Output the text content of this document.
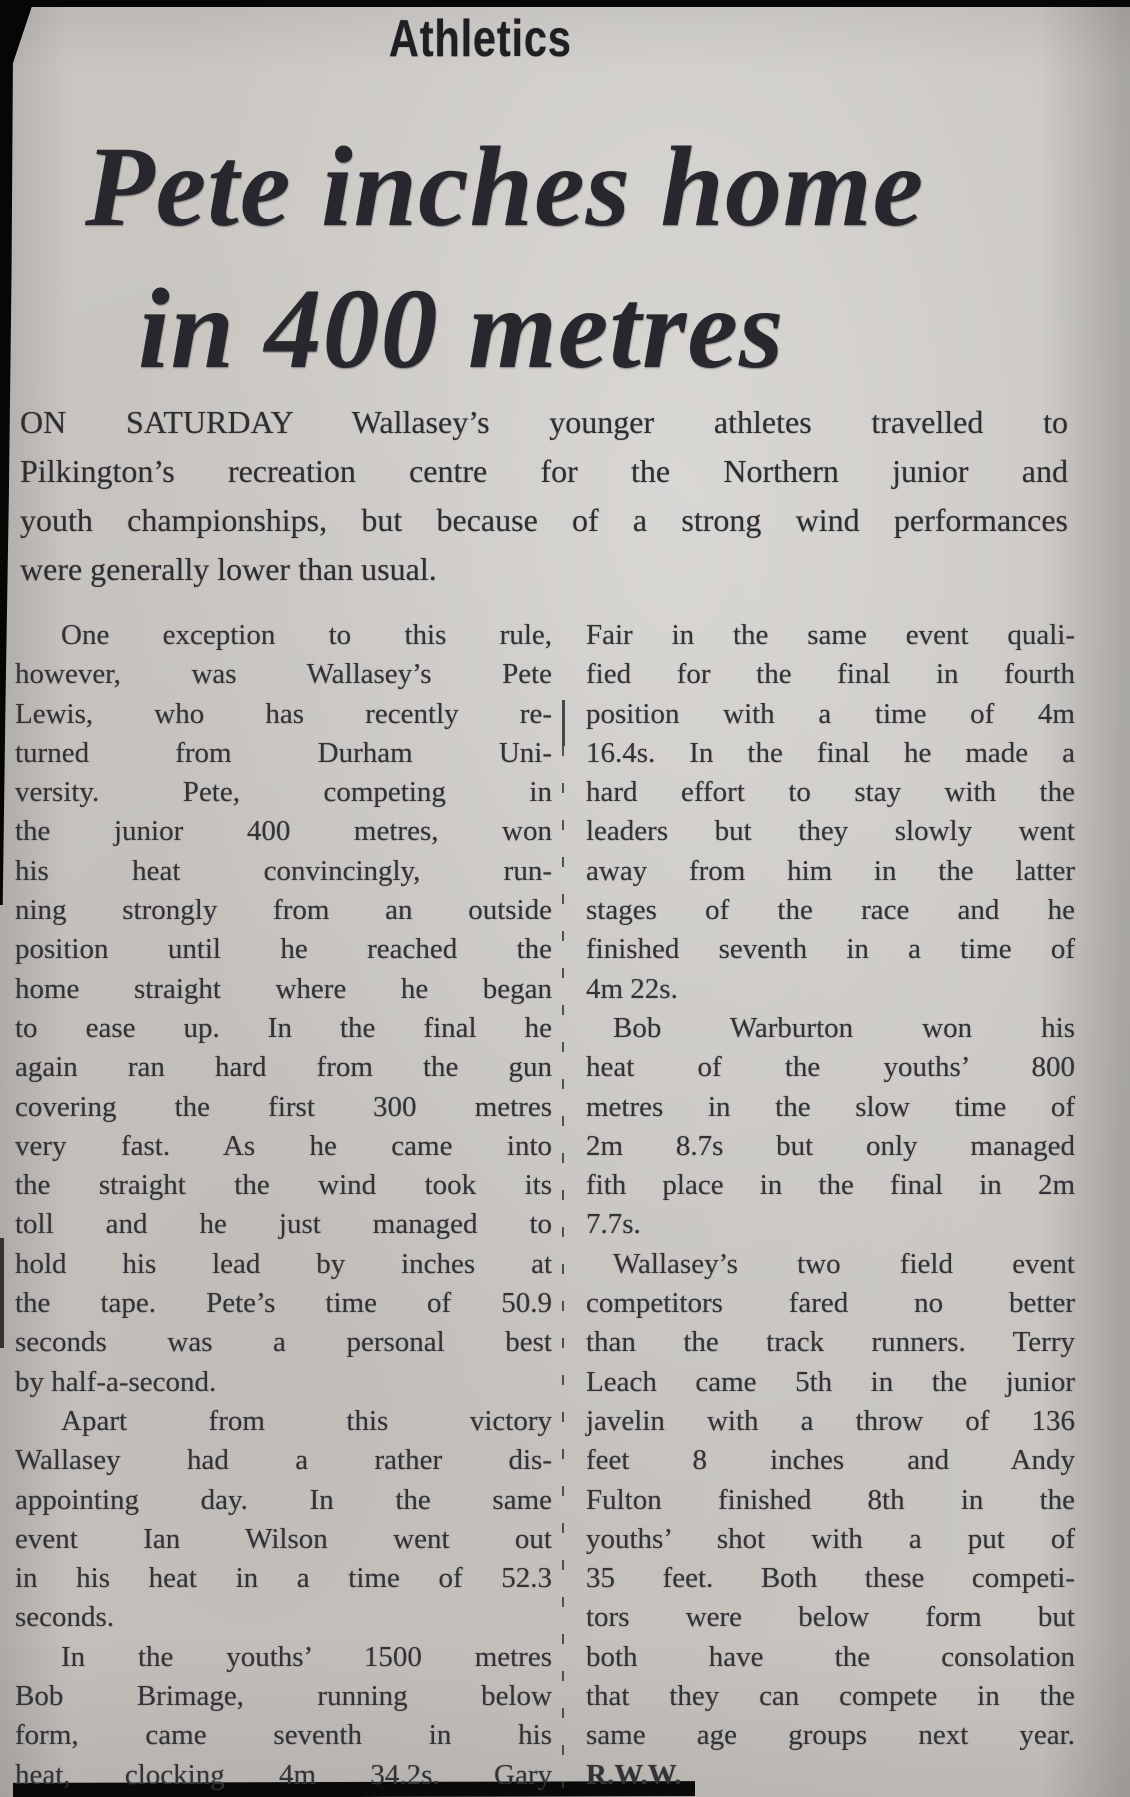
Athletics
Pete inches home
in 400 metres
ON SATURDAY Wallasey’s younger athletes travelled to
Pilkington’s recreation centre for the Northern junior and
youth championships, but because of a strong wind performances
were generally lower than usual.
One exception to this rule,
however, was Wallasey’s Pete
Lewis, who has recently re-
turned from Durham Uni-
versity. Pete, competing in
the junior 400 metres, won
his heat convincingly, run-
ning strongly from an outside
position until he reached the
home straight where he began
to ease up. In the final he
again ran hard from the gun
covering the first 300 metres
very fast. As he came into
the straight the wind took its
toll and he just managed to
hold his lead by inches at
the tape. Pete’s time of 50.9
seconds was a personal best
by half-a-second.
Apart from this victory
Wallasey had a rather dis-
appointing day. In the same
event Ian Wilson went out
in his heat in a time of 52.3
seconds.
In the youths’ 1500 metres
Bob Brimage, running below
form, came seventh in his
heat, clocking 4m 34.2s. Gary
Fair in the same event quali-
fied for the final in fourth
position with a time of 4m
16.4s. In the final he made a
hard effort to stay with the
leaders but they slowly went
away from him in the latter
stages of the race and he
finished seventh in a time of
4m 22s.
Bob Warburton won his
heat of the youths’ 800
metres in the slow time of
2m 8.7s but only managed
fith place in the final in 2m
7.7s.
Wallasey’s two field event
competitors fared no better
than the track runners. Terry
Leach came 5th in the junior
javelin with a throw of 136
feet 8 inches and Andy
Fulton finished 8th in the
youths’ shot with a put of
35 feet. Both these competi-
tors were below form but
both have the consolation
that they can compete in the
same age groups next year.
R.W.W.
